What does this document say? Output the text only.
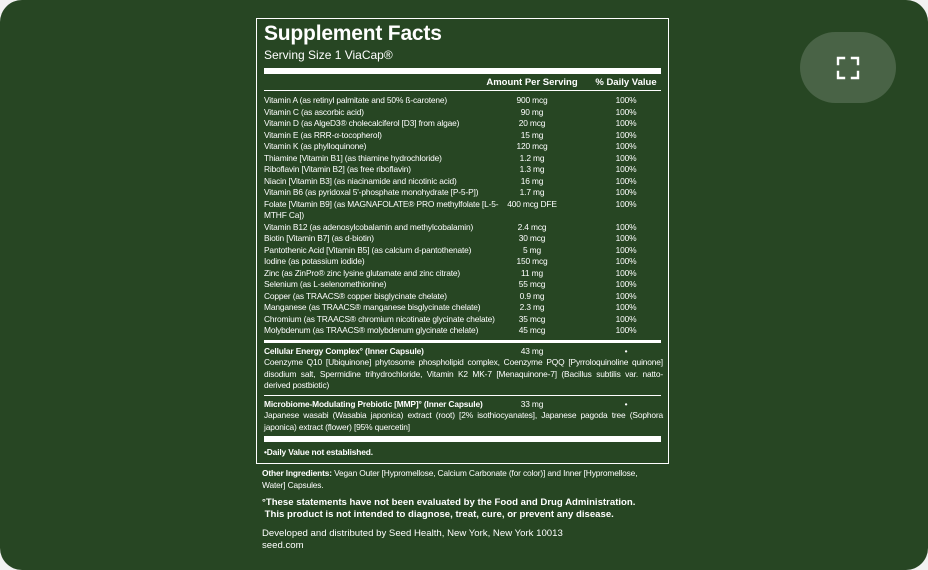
Supplement Facts
Serving Size 1 ViaCap®
Amount Per Serving	% Daily Value
Vitamin A (as retinyl palmitate and 50% ß-carotene)	900 mcg	100%
Vitamin C (as ascorbic acid)	90 mg	100%
Vitamin D (as AlgeD3® cholecalciferol [D3] from algae)	20 mcg	100%
Vitamin E (as RRR-α-tocopherol)	15 mg	100%
Vitamin K (as phylloquinone)	120 mcg	100%
Thiamine [Vitamin B1] (as thiamine hydrochloride)	1.2 mg	100%
Riboflavin [Vitamin B2] (as free riboflavin)	1.3 mg	100%
Niacin [Vitamin B3] (as niacinamide and nicotinic acid)	16 mg	100%
Vitamin B6 (as pyridoxal 5'-phosphate monohydrate [P-5-P])	1.7 mg	100%
Folate [Vitamin B9] (as MAGNAFOLATE® PRO methylfolate [L-5-MTHF Ca])
400 mcg DFE	100%
Vitamin B12 (as adenosylcobalamin and methylcobalamin)	2.4 mcg	100%
Biotin [Vitamin B7] (as d-biotin)	30 mcg	100%
Pantothenic Acid [Vitamin B5] (as calcium d-pantothenate)	5 mg	100%
Iodine (as potassium iodide)	150 mcg	100%
Zinc (as ZinPro® zinc lysine glutamate and zinc citrate)	11 mg	100%
Selenium (as L-selenomethionine)	55 mcg	100%
Copper (as TRAACS® copper bisglycinate chelate)	0.9 mg	100%
Manganese (as TRAACS® manganese bisglycinate chelate)	2.3 mg	100%
Chromium (as TRAACS® chromium nicotinate glycinate chelate)	35 mcg	100%
Molybdenum (as TRAACS® molybdenum glycinate chelate)	45 mcg	100%
Cellular Energy Complex° (Inner Capsule)	43 mg	•
Coenzyme Q10 [Ubiquinone] phytosome phospholipid complex, Coenzyme PQQ [Pyrroloquinoline quinone] disodium salt, Spermidine trihydrochloride, Vitamin K2 MK-7 [Menaquinone-7] (Bacillus subtilis var. natto-derived postbiotic)
Microbiome-Modulating Prebiotic [MMP]° (Inner Capsule)	33 mg	•
Japanese wasabi (Wasabia japonica) extract (root) [2% isothiocyanates], Japanese pagoda tree (Sophora japonica) extract (flower) [95% quercetin]
•Daily Value not established.
Other Ingredients: Vegan Outer [Hypromellose, Calcium Carbonate (for color)] and Inner [Hypromellose, Water] Capsules.
°These statements have not been evaluated by the Food and Drug Administration.
This product is not intended to diagnose, treat, cure, or prevent any disease.
Developed and distributed by Seed Health, New York, New York 10013
seed.com
